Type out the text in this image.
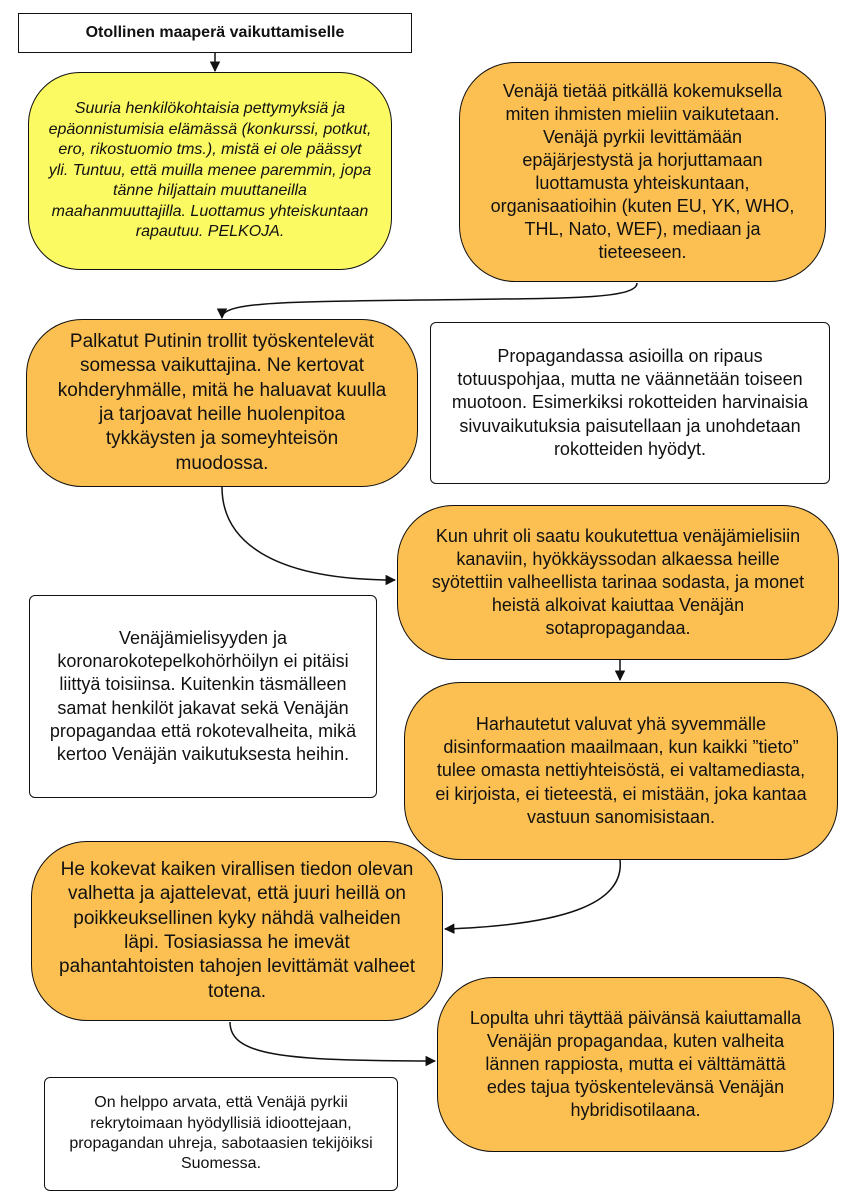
Otollinen maaperä vaikuttamiselle
Suuria henkilökohtaisia pettymyksiä ja epäonnistumisia elämässä (konkurssi, potkut, ero, rikostuomio tms.), mistä ei ole päässyt yli. Tuntuu, että muilla menee paremmin, jopa tänne hiljattain muuttaneilla maahanmuuttajilla. Luottamus yhteiskuntaan rapautuu. PELKOJA.
Venäjä tietää pitkällä kokemuksella miten ihmisten mieliin vaikutetaan. Venäjä pyrkii levittämään epäjärjestystä ja horjuttamaan luottamusta yhteiskuntaan, organisaatioihin (kuten EU, YK, WHO, THL, Nato, WEF), mediaan ja tieteeseen.
Palkatut Putinin trollit työskentelevät somessa vaikuttajina. Ne kertovat kohderyhmälle, mitä he haluavat kuulla ja tarjoavat heille huolenpitoa tykkäysten ja someyhteisön muodossa.
Propagandassa asioilla on ripaus totuuspohjaa, mutta ne väännetään toiseen muotoon. Esimerkiksi rokotteiden harvinaisia sivuvaikutuksia paisutellaan ja unohdetaan rokotteiden hyödyt.
Kun uhrit oli saatu koukutettua venäjämielisiin kanaviin, hyökkäyssodan alkaessa heille syötettiin valheellista tarinaa sodasta, ja monet heistä alkoivat kaiuttaa Venäjän sotapropagandaa.
Venäjämielisyyden ja koronarokotepelkohörhöilyn ei pitäisi liittyä toisiinsa. Kuitenkin täsmälleen samat henkilöt jakavat sekä Venäjän propagandaa että rokotevalheita, mikä kertoo Venäjän vaikutuksesta heihin.
Harhautetut valuvat yhä syvemmälle disinformaation maailmaan, kun kaikki ”tieto” tulee omasta nettiyhteisöstä, ei valtamediasta, ei kirjoista, ei tieteestä, ei mistään, joka kantaa vastuun sanomisistaan.
He kokevat kaiken virallisen tiedon olevan valhetta ja ajattelevat, että juuri heillä on poikkeuksellinen kyky nähdä valheiden läpi. Tosiasiassa he imevät pahantahtoisten tahojen levittämät valheet totena.
Lopulta uhri täyttää päivänsä kaiuttamalla Venäjän propagandaa, kuten valheita lännen rappiosta, mutta ei välttämättä edes tajua työskentelevänsä Venäjän hybridisotilaana.
On helppo arvata, että Venäjä pyrkii rekrytoimaan hyödyllisiä idioottejaan, propagandan uhreja, sabotaasien tekijöiksi Suomessa.
